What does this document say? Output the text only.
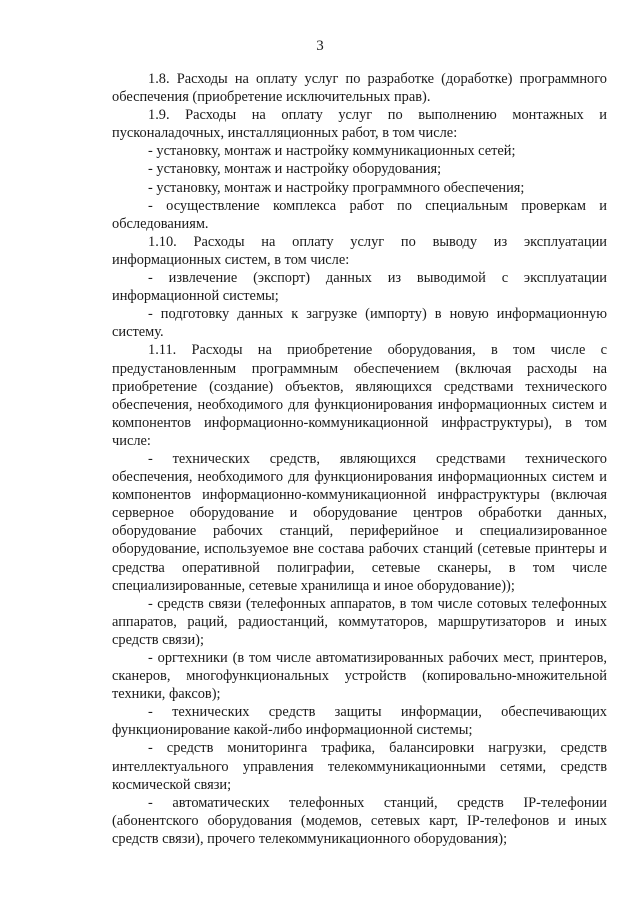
3

1.8. Расходы на оплату услуг по разработке (доработке) программного обеспечения (приобретение исключительных прав).

1.9. Расходы на оплату услуг по выполнению монтажных и пусконаладочных, инсталляционных работ, в том числе:

- установку, монтаж и настройку коммуникационных сетей;

- установку, монтаж и настройку оборудования;

- установку, монтаж и настройку программного обеспечения;

- осуществление комплекса работ по специальным проверкам и обследованиям.

1.10. Расходы на оплату услуг по выводу из эксплуатации информационных систем, в том числе:

- извлечение (экспорт) данных из выводимой с эксплуатации информационной системы;

- подготовку данных к загрузке (импорту) в новую информационную систему.

1.11. Расходы на приобретение оборудования, в том числе с предустановленным программным обеспечением (включая расходы на приобретение (создание) объектов, являющихся средствами технического обеспечения, необходимого для функционирования информационных систем и компонентов информационно-коммуникационной инфраструктуры), в том числе:

- технических средств, являющихся средствами технического обеспечения, необходимого для функционирования информационных систем и компонентов информационно-коммуникационной инфраструктуры (включая серверное оборудование и оборудование центров обработки данных, оборудование рабочих станций, периферийное и специализированное оборудование, используемое вне состава рабочих станций (сетевые принтеры и средства оперативной полиграфии, сетевые сканеры, в том числе специализированные, сетевые хранилища и иное оборудование));

- средств связи (телефонных аппаратов, в том числе сотовых телефонных аппаратов, раций, радиостанций, коммутаторов, маршрутизаторов и иных средств связи);

- оргтехники (в том числе автоматизированных рабочих мест, принтеров, сканеров, многофункциональных устройств (копировально-множительной техники, факсов);

- технических средств защиты информации, обеспечивающих функционирование какой-либо информационной системы;

- средств мониторинга трафика, балансировки нагрузки, средств интеллектуального управления телекоммуникационными сетями, средств космической связи;

- автоматических телефонных станций, средств IP-телефонии (абонентского оборудования (модемов, сетевых карт, IP-телефонов и иных средств связи), прочего телекоммуникационного оборудования);
